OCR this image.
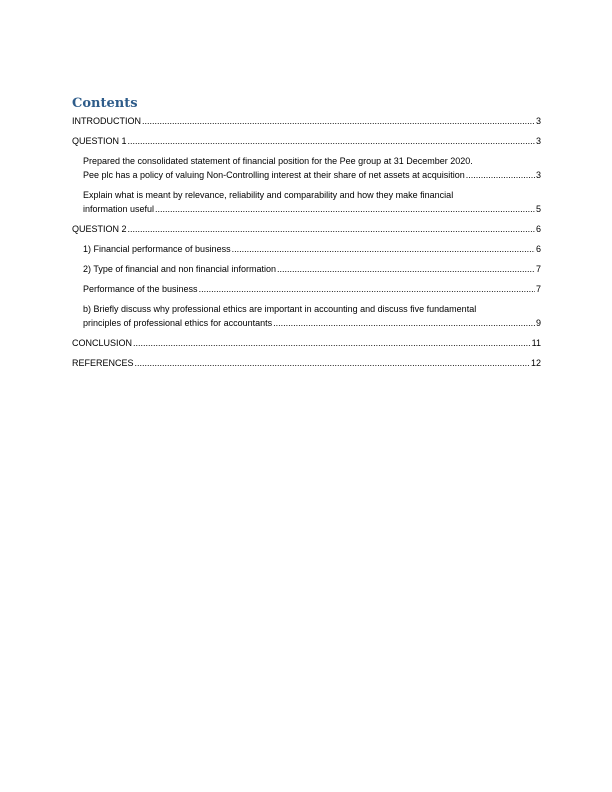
Contents
INTRODUCTION .....	3
QUESTION 1 .....	3
Prepared the consolidated statement of financial position for the Pee group at 31 December 2020.
Pee plc has a policy of valuing Non-Controlling interest at their share of net assets at acquisition .....	3
Explain what is meant by relevance, reliability and comparability and how they make financial
information useful .....	5
QUESTION 2 .....	6
1) Financial performance of business .....	6
2) Type of financial and non financial information .....	7
Performance of the business .....	7
b) Briefly discuss why professional ethics are important in accounting and discuss five fundamental
principles of professional ethics for accountants .....	9
CONCLUSION .....	11
REFERENCES .....	12
